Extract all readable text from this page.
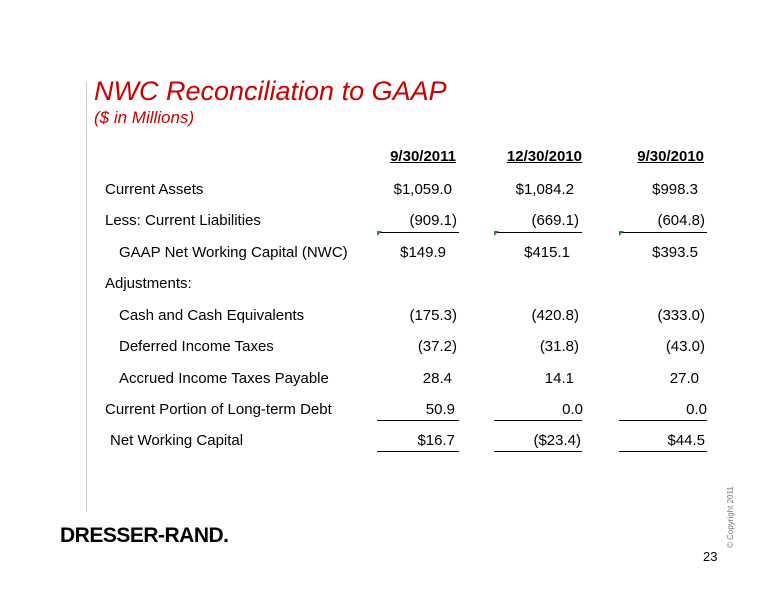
NWC Reconciliation to GAAP
($ in Millions)
9/30/2011	12/30/2010	9/30/2010
Current Assets	$1,059.0	$1,084.2	$998.3
Less: Current Liabilities	(909.1)	(669.1)	(604.8)
GAAP Net Working Capital (NWC)	$149.9	$415.1	$393.5
Adjustments:
Cash and Cash Equivalents	(175.3)	(420.8)	(333.0)
Deferred Income Taxes	(37.2)	(31.8)	(43.0)
Accrued Income Taxes Payable	28.4	14.1	27.0
Current Portion of Long-term Debt	50.9	0.0	0.0
Net Working Capital	$16.7	($23.4)	$44.5
DRESSER-RAND.	© Copyright 2011
23
